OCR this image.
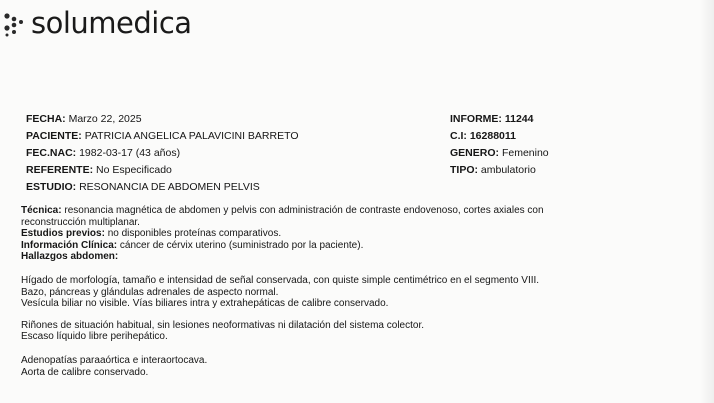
solumedica
FECHA: Marzo 22, 2025
PACIENTE: PATRICIA ANGELICA PALAVICINI BARRETO
FEC.NAC: 1982-03-17 (43 años)
REFERENTE: No Especificado
ESTUDIO: RESONANCIA DE ABDOMEN PELVIS
INFORME: 11244
C.I: 16288011
GENERO: Femenino
TIPO: ambulatorio

Técnica: resonancia magnética de abdomen y pelvis con administración de contraste endovenoso, cortes axiales con

reconstrucción multiplanar.

Estudios previos: no disponibles proteínas comparativos.

Información Clínica: cáncer de cérvix uterino (suministrado por la paciente).

Hallazgos abdomen:

Hígado de morfología, tamaño e intensidad de señal conservada, con quiste simple centimétrico en el segmento VIII.

Bazo, páncreas y glándulas adrenales de aspecto normal.

Vesícula biliar no visible. Vías biliares intra y extrahepáticas de calibre conservado.

Riñones de situación habitual, sin lesiones neoformativas ni dilatación del sistema colector.

Escaso líquido libre perihepático.

Adenopatías paraaórtica e interaortocava.

Aorta de calibre conservado.
